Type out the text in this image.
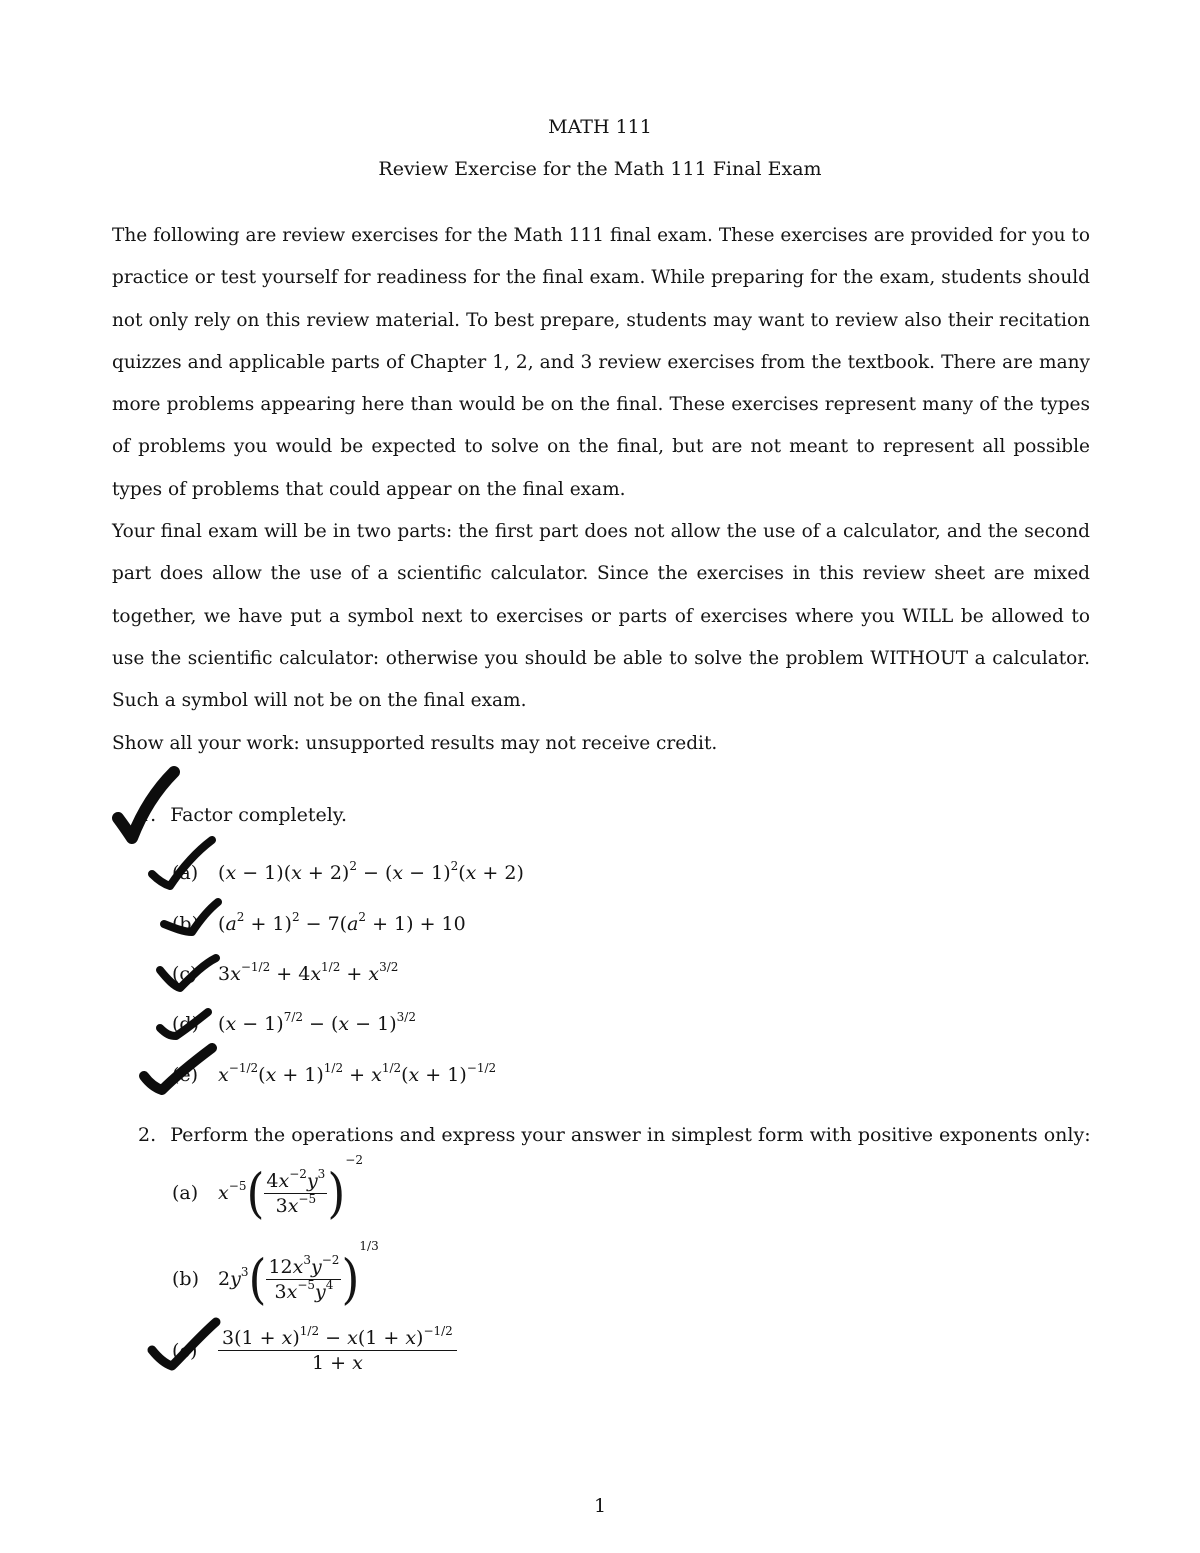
MATH 111
Review Exercise for the Math 111 Final Exam

The following are review exercises for the Math 111 final exam. These exercises are provided for you to practice or test yourself for readiness for the final exam. While preparing for the exam, students should not only rely on this review material. To best prepare, students may want to review also their recitation quizzes and applicable parts of Chapter 1, 2, and 3 review exercises from the textbook. There are many more problems appearing here than would be on the final. These exercises represent many of the types of problems you would be expected to solve on the final, but are not meant to represent all possible types of problems that could appear on the final exam.

Your final exam will be in two parts: the first part does not allow the use of a calculator, and the second part does allow the use of a scientific calculator. Since the exercises in this review sheet are mixed together, we have put a symbol next to exercises or parts of exercises where you WILL be allowed to use the scientific calculator: otherwise you should be able to solve the problem WITHOUT a calculator. Such a symbol will not be on the final exam.

Show all your work: unsupported results may not receive credit.

1. Factor completely.
(a) $(x - 1)(x + 2)^2 - (x - 1)^2(x + 2)$
(b) $(a^2 + 1)^2 - 7(a^2 + 1) + 10$
(c) $3x^{-1/2} + 4x^{1/2} + x^{3/2}$
(d) $(x - 1)^{7/2} - (x - 1)^{3/2}$
(e) $x^{-1/2}(x + 1)^{1/2} + x^{1/2}(x + 1)^{-1/2}$
2. Perform the operations and express your answer in simplest form with positive exponents only:
(a) $x^{-5}( \frac{4x^{-2}y^3}{3x^{-5}} )^{-2}$
(b) $2y^3( \frac{12x^3y^{-2}}{3x^{-5}y^4} )^{1/3}$
$(c) \frac{3(1 + x)^{1/2} - x(1 + x)^{-1/2}}{1 + x}$
1
